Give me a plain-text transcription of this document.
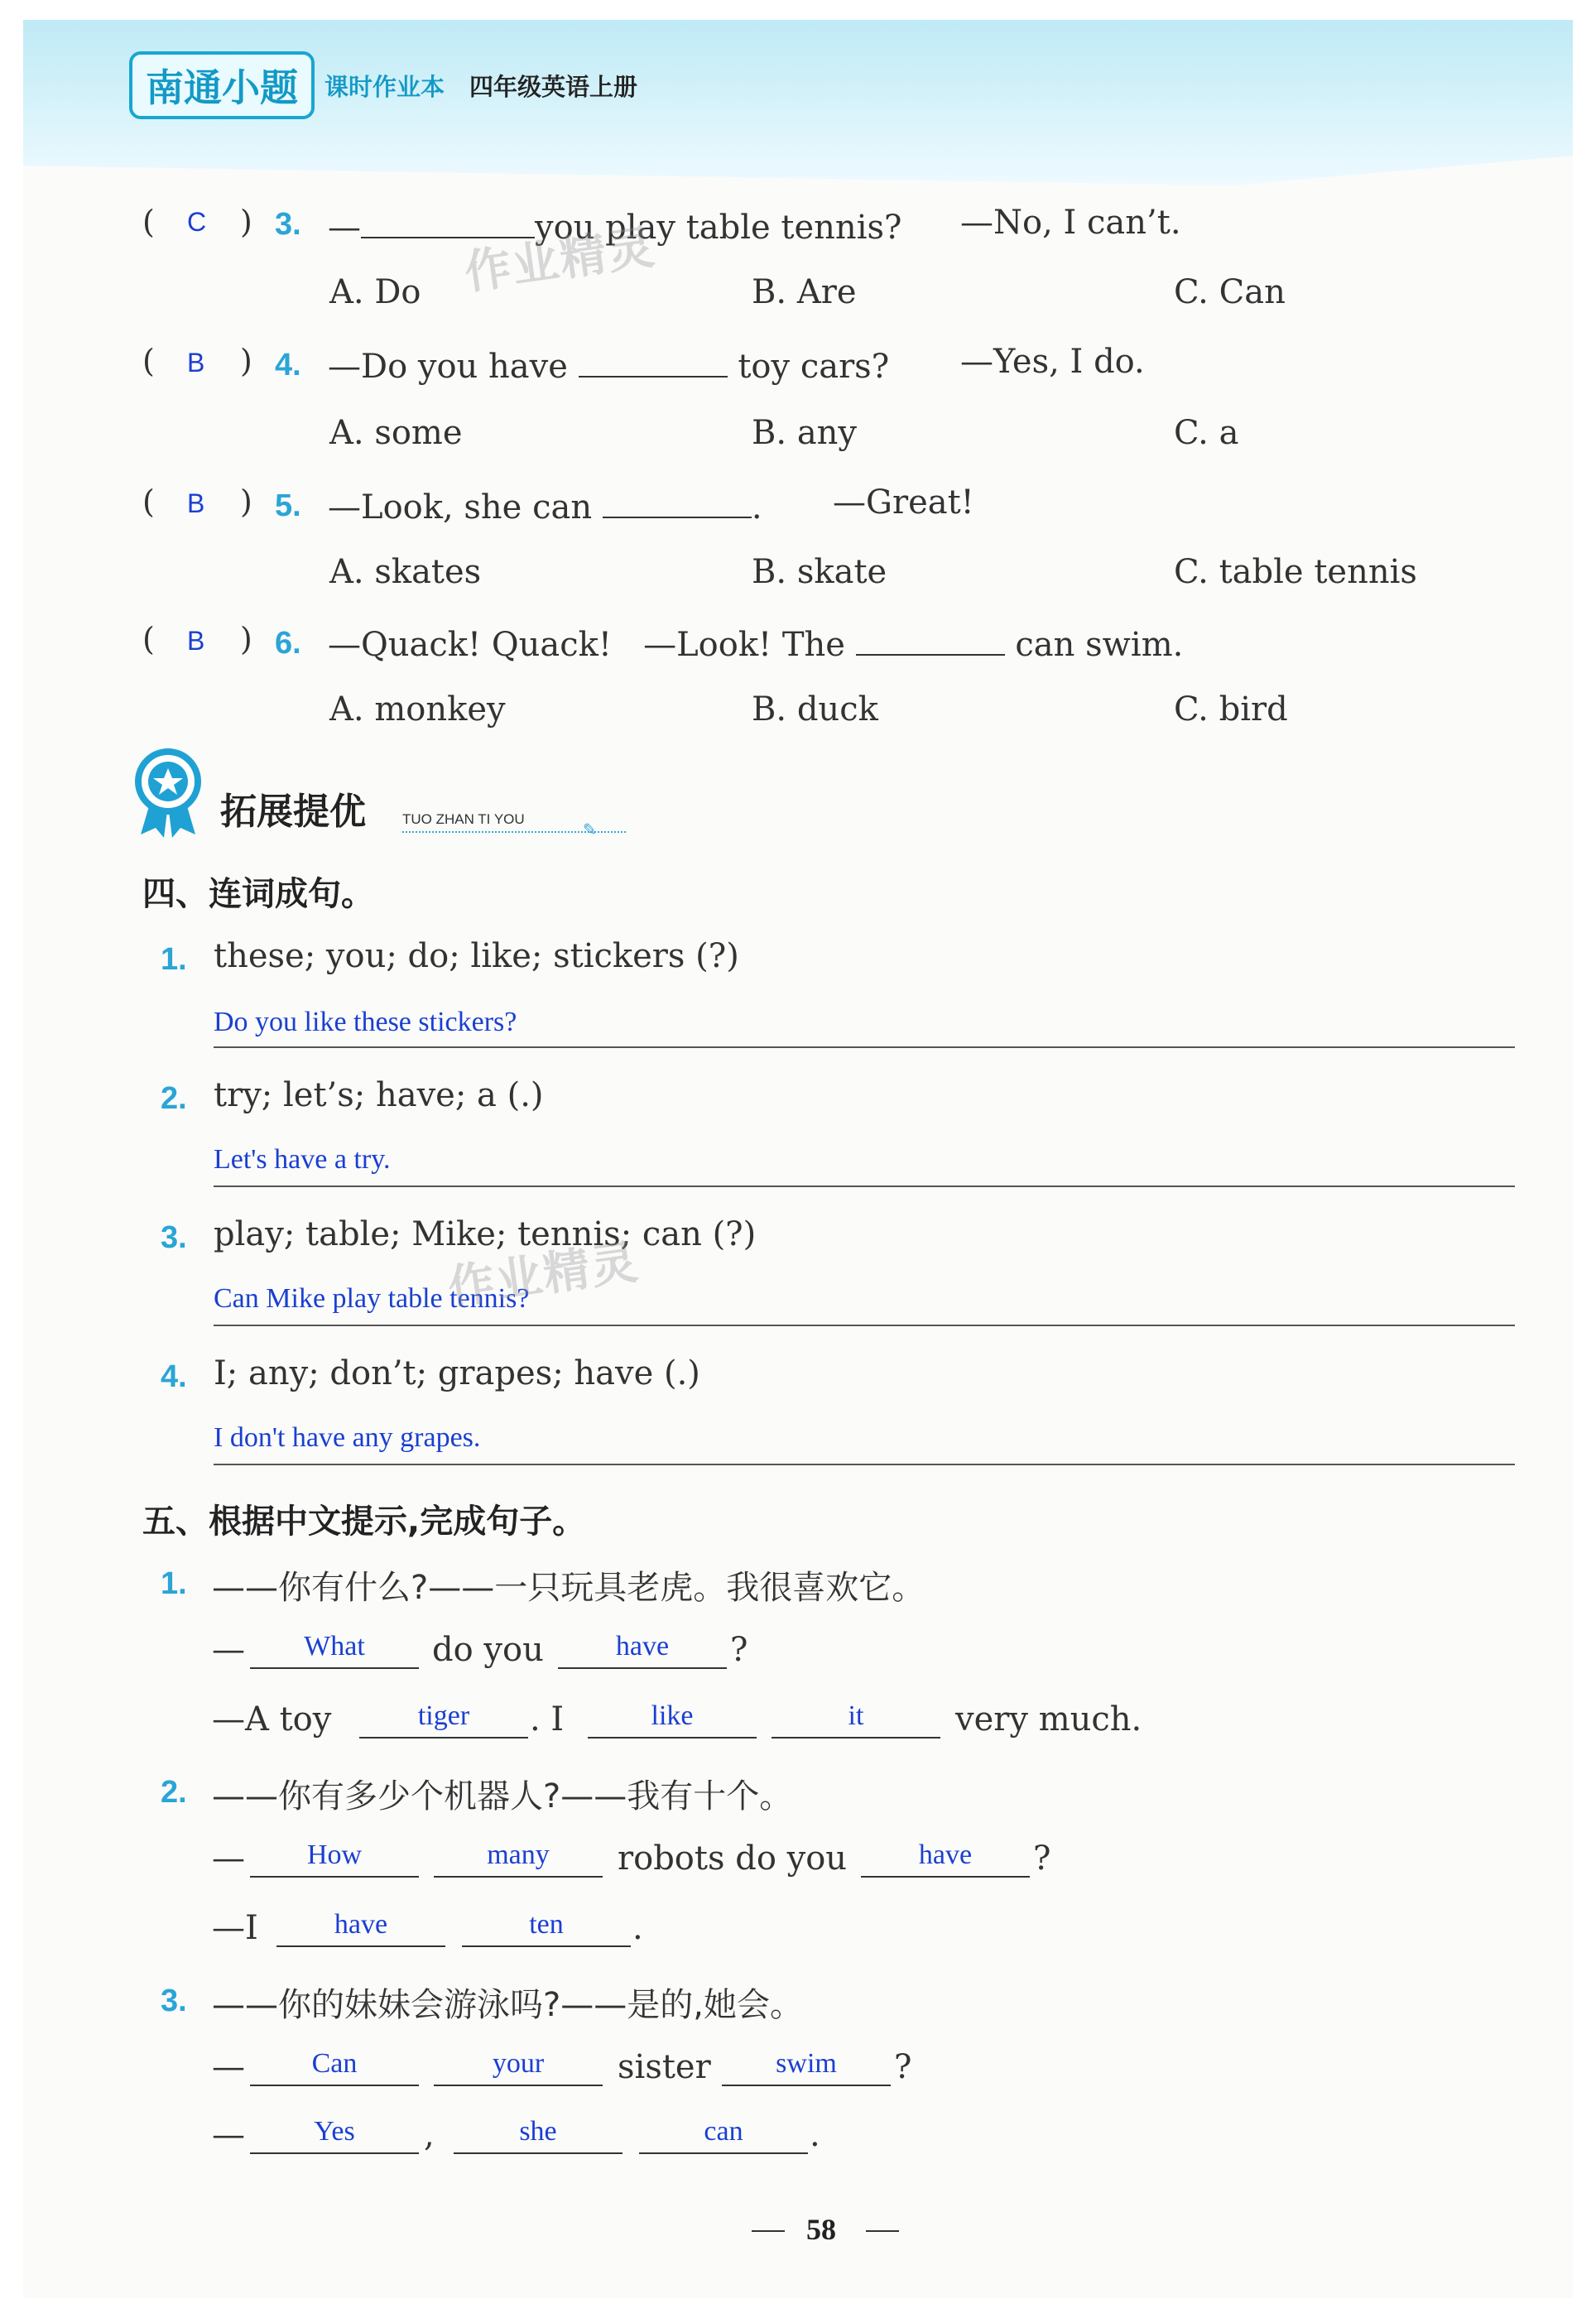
南通小题	课时作业本 四年级英语上册
( C ) 3. —	you play table tennis? —No, I can’t.
A. Do	B. Are	C. Can
( B ) 4. —Do you have	toy cars? —Yes, I do.
A. some	B. any	C. a
( B ) 5. —Look, she can	. —Great!
A. skates	B. skate	C. table tennis
( B ) 6. —Quack! Quack!   —Look! The	can swim.
A. monkey	B. duck	C. bird
作业精灵
拓展提优	TUO ZHAN TI YOU
✎
四、连词成句。
1. these; you; do; like; stickers (?)
Do you like these stickers?
2. try; let’s; have; a (.)
Let's have a try.
3. play; table; Mike; tennis; can (?)
Can Mike play table tennis?
作业精灵
4. I; any; don’t; grapes; have (.)
I don't have any grapes.
五、根据中文提示,完成句子。
1. ——你有什么?——一只玩具老虎。我很喜欢它。
—	What	do you	have	?
—A toy	tiger	. I	like	it	very much.
2. ——你有多少个机器人?——我有十个。
—	How	many	robots do you	have	?
—I	have	ten	.
3. ——你的妹妹会游泳吗?——是的,她会。
—	Can	your	sister	swim	?
—	Yes	,	she	can	.
58
